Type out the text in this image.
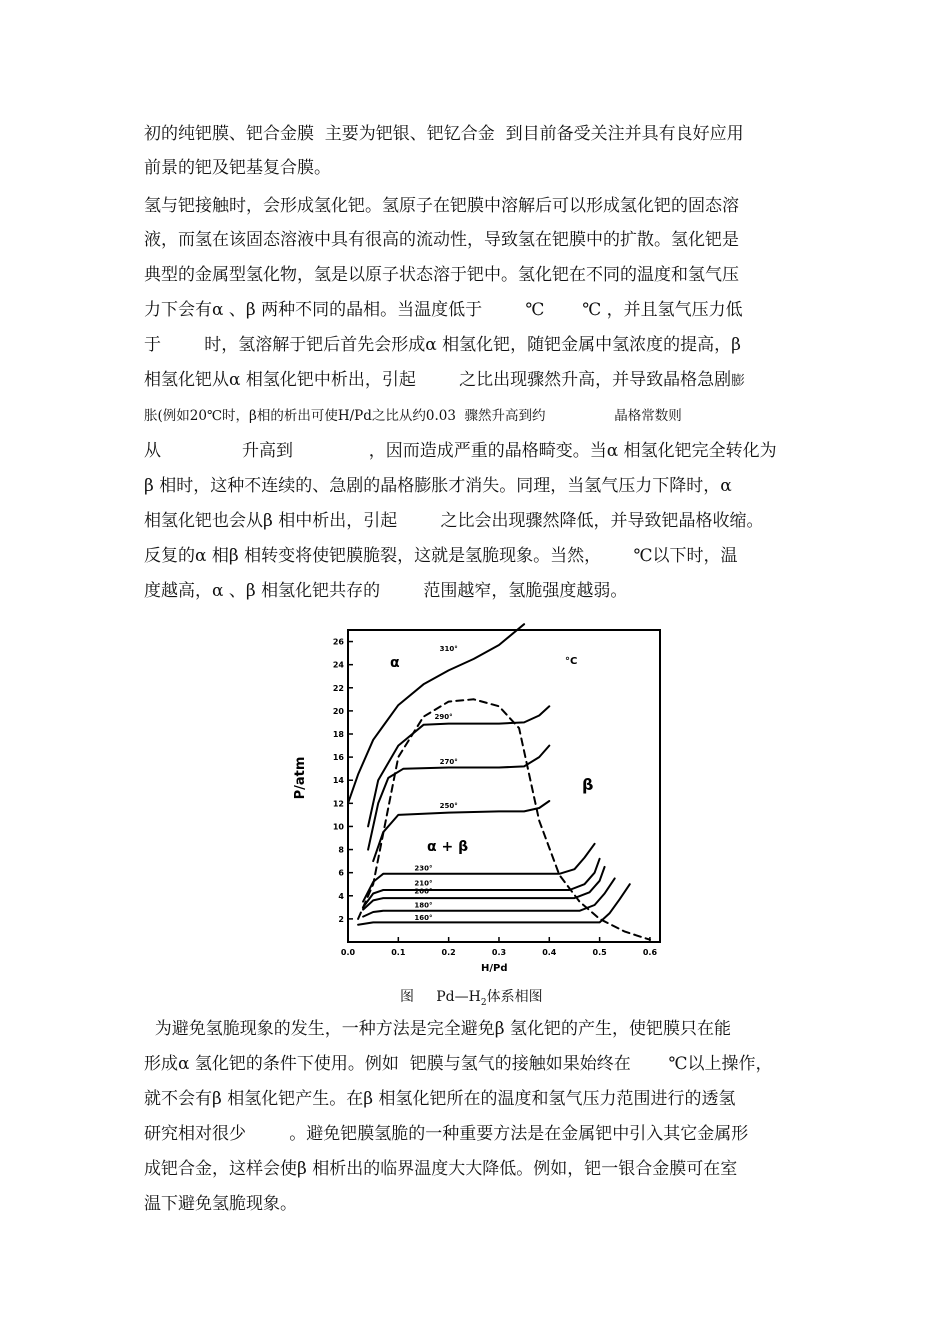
初的纯钯膜、钯合金膜  主要为钯银、钯钇合金  到目前备受关注并具有良好应用
前景的钯及钯基复合膜。
氢与钯接触时，会形成氢化钯。氢原子在钯膜中溶解后可以形成氢化钯的固态溶
液，而氢在该固态溶液中具有很高的流动性，导致氢在钯膜中的扩散。氢化钯是
典型的金属型氢化物，氢是以原子状态溶于钯中。氢化钯在不同的温度和氢气压
力下会有α 、β 两种不同的晶相。当温度低于        ℃       ℃ ，并且氢气压力低
于        时，氢溶解于钯后首先会形成α 相氢化钯，随钯金属中氢浓度的提高，β
相氢化钯从α 相氢化钯中析出，引起        之比出现骤然升高，并导致晶格急剧膨
胀(例如20℃时，β相的析出可使H/Pd之比从约0.03  骤然升高到约                晶格常数则
从               升高到              ，因而造成严重的晶格畸变。当α 相氢化钯完全转化为
β 相时，这种不连续的、急剧的晶格膨胀才消失。同理，当氢气压力下降时，α
相氢化钯也会从β 相中析出，引起        之比会出现骤然降低，并导致钯晶格收缩。
反复的α 相β 相转变将使钯膜脆裂，这就是氢脆现象。当然，      ℃以下时，温
度越高，α 、β 相氢化钯共存的        范围越窄，氢脆强度越弱。
310°
290°
270°
250°
230°
210°
200°
180°
160°
0.0	0.1	0.2	0.3	0.4	0.5	0.6
2
4
6
8
10
12
14
16
18
20
22
24
26
P/atm
H/Pd
°C
α
β
α + β
图     $Pd—H_2$体系相图
为避免氢脆现象的发生，一种方法是完全避免β 氢化钯的产生，使钯膜只在能
形成α 氢化钯的条件下使用。例如  钯膜与氢气的接触如果始终在       ℃以上操作，
就不会有β 相氢化钯产生。在β 相氢化钯所在的温度和氢气压力范围进行的透氢
研究相对很少        。避免钯膜氢脆的一种重要方法是在金属钯中引入其它金属形
成钯合金，这样会使β 相析出的临界温度大大降低。例如，钯一银合金膜可在室
温下避免氢脆现象。
